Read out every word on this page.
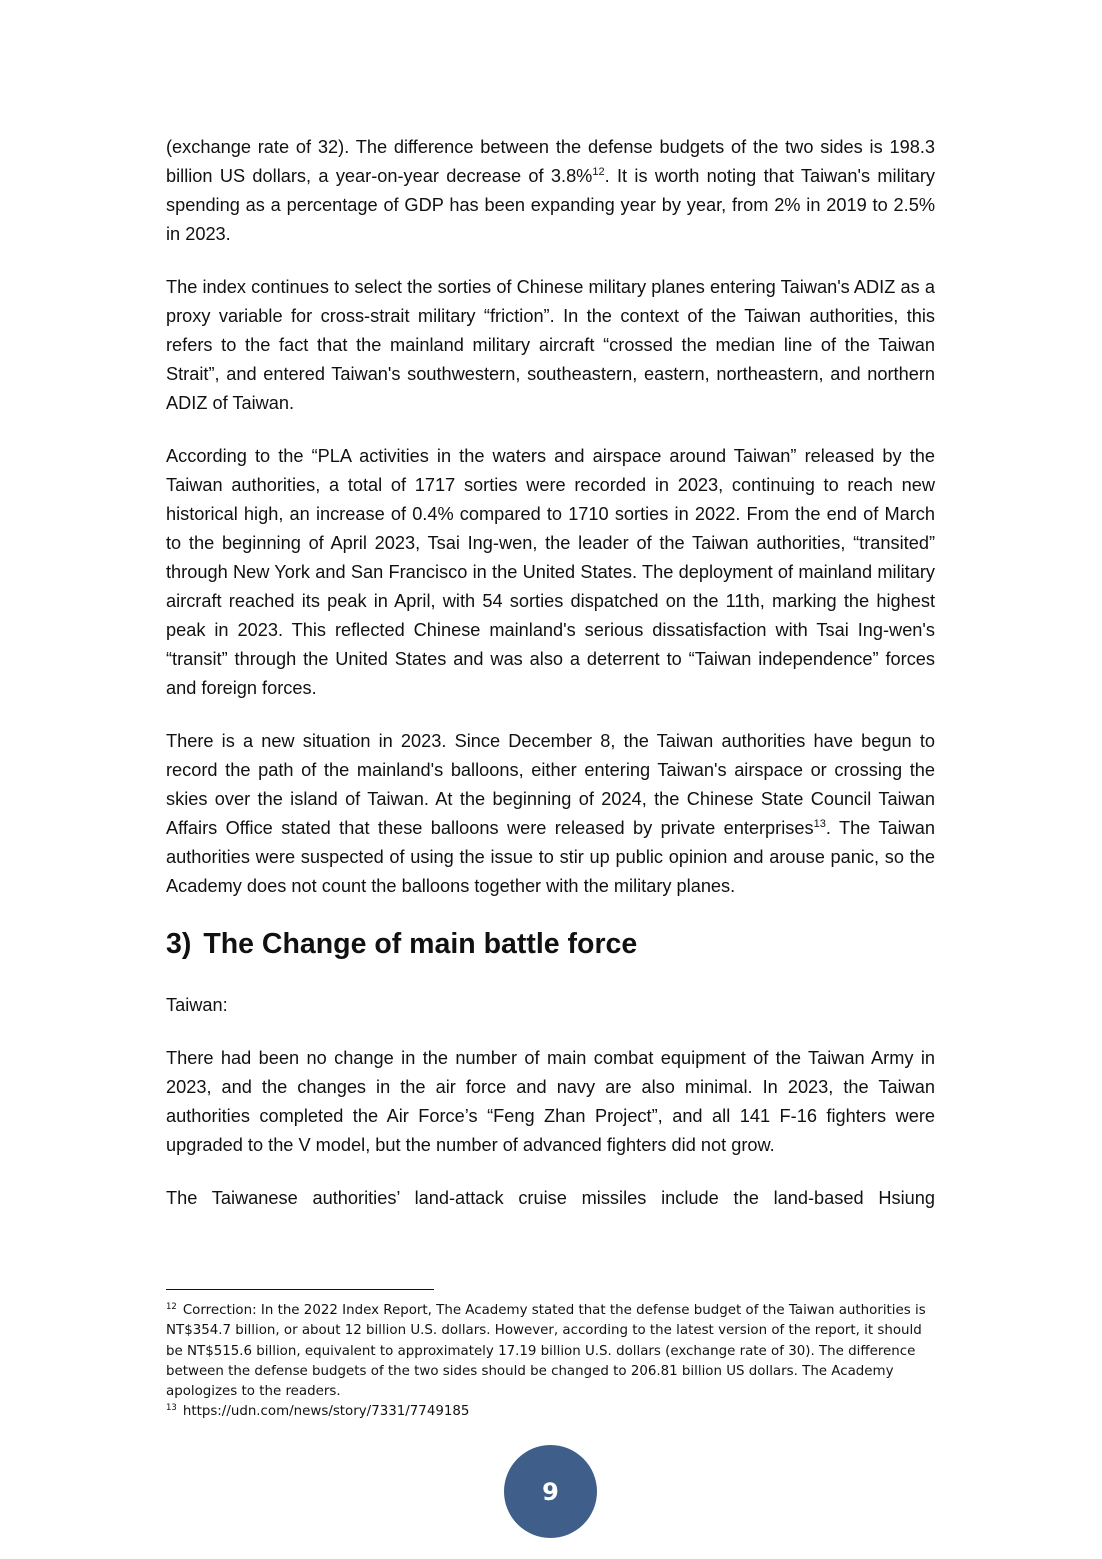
(exchange rate of 32). The difference between the defense budgets of the two sides is 198.3 billion US dollars, a year-on-year decrease of 3.8%$^{12}$. It is worth noting that Taiwan's military spending as a percentage of GDP has been expanding year by year, from 2% in 2019 to 2.5% in 2023.

The index continues to select the sorties of Chinese military planes entering Taiwan's ADIZ as a proxy variable for cross-strait military “friction”. In the context of the Taiwan authorities, this refers to the fact that the mainland military aircraft “crossed the median line of the Taiwan Strait”, and entered Taiwan's southwestern, southeastern, eastern, northeastern, and northern ADIZ of Taiwan.

According to the “PLA activities in the waters and airspace around Taiwan” released by the Taiwan authorities, a total of 1717 sorties were recorded in 2023, continuing to reach new historical high, an increase of 0.4% compared to 1710 sorties in 2022. From the end of March to the beginning of April 2023, Tsai Ing-wen, the leader of the Taiwan authorities, “transited” through New York and San Francisco in the United States. The deployment of mainland military aircraft reached its peak in April, with 54 sorties dispatched on the 11th, marking the highest peak in 2023. This reflected Chinese mainland's serious dissatisfaction with Tsai Ing-wen's “transit” through the United States and was also a deterrent to “Taiwan independence” forces and foreign forces.

There is a new situation in 2023. Since December 8, the Taiwan authorities have begun to record the path of the mainland's balloons, either entering Taiwan's airspace or crossing the skies over the island of Taiwan. At the beginning of 2024, the Chinese State Council Taiwan Affairs Office stated that these balloons were released by private enterprises$^{13}$. The Taiwan authorities were suspected of using the issue to stir up public opinion and arouse panic, so the Academy does not count the balloons together with the military planes.

3) The Change of main battle force

Taiwan:

There had been no change in the number of main combat equipment of the Taiwan Army in 2023, and the changes in the air force and navy are also minimal. In 2023, the Taiwan authorities completed the Air Force’s “Feng Zhan Project”, and all 141 F-16 fighters were upgraded to the V model, but the number of advanced fighters did not grow.

The Taiwanese authorities’ land-attack cruise missiles include the land-based Hsiung

$^{12}$ Correction: In the 2022 Index Report, The Academy stated that the defense budget of the Taiwan authorities is NT$354.7 billion, or about 12 billion U.S. dollars. However, according to the latest version of the report, it should be NT$515.6 billion, equivalent to approximately 17.19 billion U.S. dollars (exchange rate of 30). The difference between the defense budgets of the two sides should be changed to 206.81 billion US dollars. The Academy apologizes to the readers.

$^{13}$ https://udn.com/news/story/7331/7749185

9
